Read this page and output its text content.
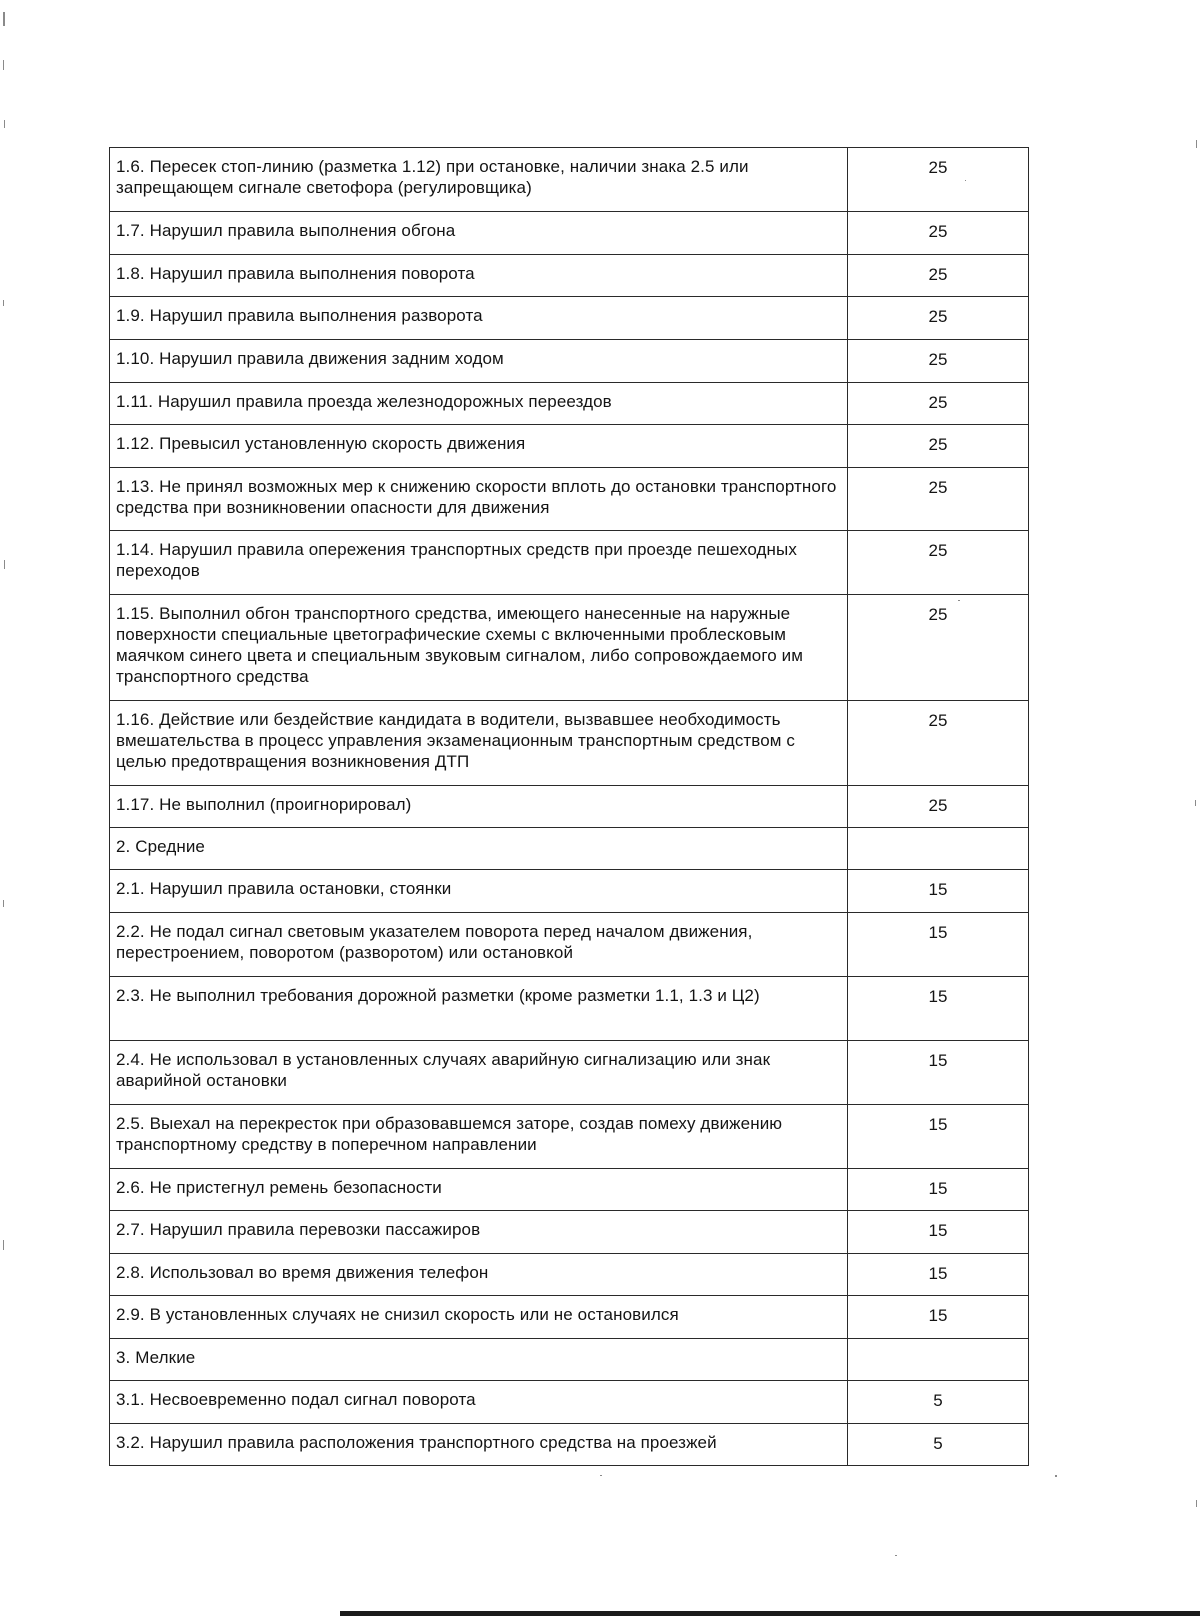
1.6. Пересек стоп-линию (разметка 1.12) при остановке, наличии знака 2.5 или запрещающем сигнале светофора (регулировщика)	25
1.7. Нарушил правила выполнения обгона	25
1.8. Нарушил правила выполнения поворота	25
1.9. Нарушил правила выполнения разворота	25
1.10. Нарушил правила движения задним ходом	25
1.11. Нарушил правила проезда железнодорожных переездов	25
1.12. Превысил установленную скорость движения	25
1.13. Не принял возможных мер к снижению скорости вплоть до остановки транспортного средства при возникновении опасности для движения	25
1.14. Нарушил правила опережения транспортных средств при проезде пешеходных переходов	25
1.15. Выполнил обгон транспортного средства, имеющего нанесенные на наружные поверхности специальные цветографические схемы с включенными проблесковым маячком синего цвета и специальным звуковым сигналом, либо сопровождаемого им транспортного средства	25
1.16. Действие или бездействие кандидата в водители, вызвавшее необходимость вмешательства в процесс управления экзаменационным транспортным средством с целью предотвращения возникновения ДТП	25
1.17. Не выполнил (проигнорировал)	25
2. Средние	
2.1. Нарушил правила остановки, стоянки	15
2.2. Не подал сигнал световым указателем поворота перед началом движения, перестроением, поворотом (разворотом) или остановкой	15
2.3. Не выполнил требования дорожной разметки (кроме разметки 1.1, 1.3 и Ц2)	15
2.4. Не использовал в установленных случаях аварийную сигнализацию или знак аварийной остановки	15
2.5. Выехал на перекресток при образовавшемся заторе, создав помеху движению транспортному средству в поперечном направлении	15
2.6. Не пристегнул ремень безопасности	15
2.7. Нарушил правила перевозки пассажиров	15
2.8. Использовал во время движения телефон	15
2.9. В установленных случаях не снизил скорость или не остановился	15
3. Мелкие	
3.1. Несвоевременно подал сигнал поворота	5
3.2. Нарушил правила расположения транспортного средства на проезжей	5
